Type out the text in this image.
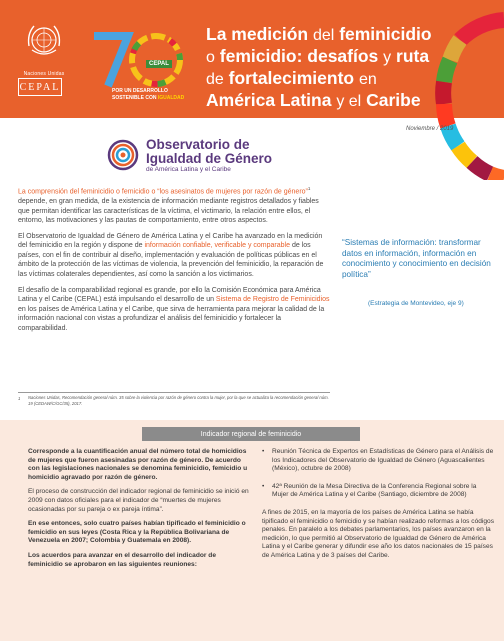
Naciones Unidas
CEPAL
CEPAL
POR UN DESARROLLO
SOSTENIBLE CON IGUALDAD
La medición del feminicidio
o femicidio: desafíos y ruta
de fortalecimiento en
América Latina y el Caribe
Noviembre / 2019
Observatorio de
Igualdad de Género
de América Latina y el Caribe

La comprensión del feminicidio o femicidio o “los asesinatos de mujeres por razón de género”$^1$ depende, en gran medida, de la existencia de información mediante registros detallados y fiables que permitan identificar las características de la víctima, el victimario, la relación entre ellos, el entorno, las motivaciones y las pautas de comportamiento, entre otros aspectos.

El Observatorio de Igualdad de Género de América Latina y el Caribe ha avanzado en la medición del feminicidio en la región y dispone de información confiable, verificable y comparable de los países, con el fin de contribuir al diseño, implementación y evaluación de políticas públicas en el ámbito de la protección de las víctimas de violencia, la prevención del feminicidio, la reparación de las víctimas colaterales dependientes, así como la sanción a los victimarios.

El desafío de la comparabilidad regional es grande, por ello la Comisión Económica para América Latina y el Caribe (CEPAL) está impulsando el desarrollo de un Sistema de Registro de Feminicidios en los países de América Latina y el Caribe, que sirva de herramienta para mejorar la calidad de la información nacional con vistas a profundizar el análisis del feminicidio y fortalecer la comparabilidad.

1 Naciones Unidas, Recomendación general núm. 35 sobre la violencia por razón de género contra la mujer, por la que se actualiza la recomendación general núm. 19 (CEDAW/C/GC/35), 2017.
“Sistemas de información: transformar datos en información, información en conocimiento y conocimiento en decisión política”
(Estrategia de Montevideo, eje 9)
Indicador regional de feminicidio

Corresponde a la cuantificación anual del número total de homicidios de mujeres que fueron asesinadas por razón de género. De acuerdo con las legislaciones nacionales se denomina feminicidio, femicidio u homicidio agravado por razón de género.

El proceso de construcción del indicador regional de feminicidio se inició en 2009 con datos oficiales para el indicador de “muertes de mujeres ocasionadas por su pareja o ex pareja íntima”.

En ese entonces, solo cuatro países habían tipificado el feminicidio o femicidio en sus leyes (Costa Rica y la República Bolivariana de Venezuela en 2007; Colombia y Guatemala en 2008).

Los acuerdos para avanzar en el desarrollo del indicador de feminicidio se aprobaron en las siguientes reuniones:

• Reunión Técnica de Expertos en Estadísticas de Género para el Análisis de los Indicadores del Observatorio de Igualdad de Género (Aguascalientes (México), octubre de 2008)
• 42ª Reunión de la Mesa Directiva de la Conferencia Regional sobre la Mujer de América Latina y el Caribe (Santiago, diciembre de 2008)

A fines de 2015, en la mayoría de los países de América Latina se había tipificado el feminicidio o femicidio y se habían realizado reformas a los códigos penales. En paralelo a los debates parlamentarios, los países avanzaron en la medición, lo que permitió al Observatorio de Igualdad de Género de América Latina y el Caribe generar y difundir ese año los datos nacionales de 15 países de América Latina y de 3 países del Caribe.
